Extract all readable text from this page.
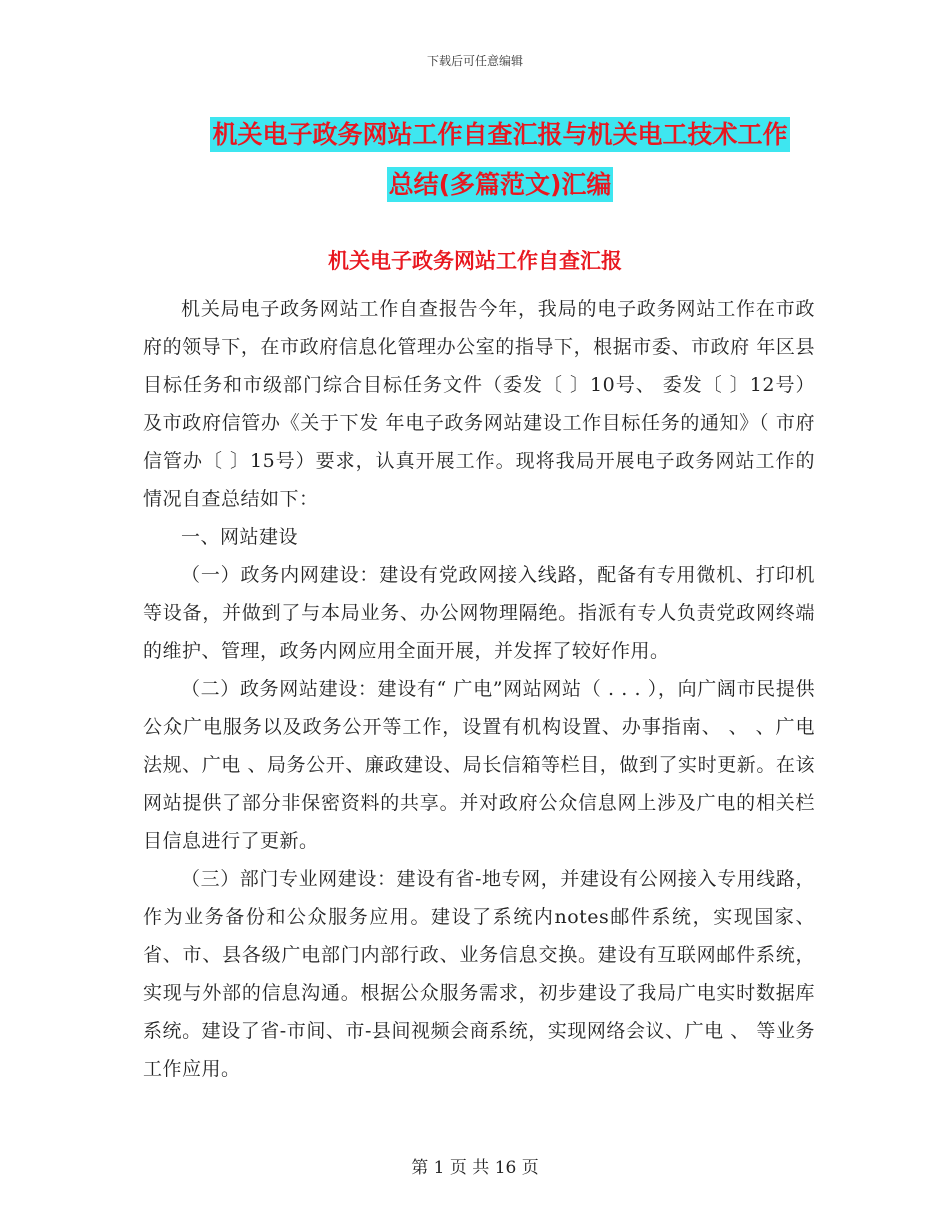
下载后可任意编辑
机关电子政务网站工作自查汇报与机关电工技术工作
总结(多篇范文)汇编
机关电子政务网站工作自查汇报

机关局电子政务网站工作自查报告今年，我局的电子政务网站工作在市政府的领导下，在市政府信息化管理办公室的指导下，根据市委、市政府 年区县目标任务和市级部门综合目标任务文件（委发〔 〕10号、 委发〔 〕12号）及市政府信管办《关于下发 年电子政务网站建设工作目标任务的通知》（ 市府信管办〔 〕15号）要求，认真开展工作。现将我局开展电子政务网站工作的情况自查总结如下：

一、网站建设

（一）政务内网建设：建设有党政网接入线路，配备有专用微机、打印机等设备，并做到了与本局业务、办公网物理隔绝。指派有专人负责党政网终端的维护、管理，政务内网应用全面开展，并发挥了较好作用。

（二）政务网站建设：建设有“ 广电”网站网站（ . . . ），向广阔市民提供公众广电服务以及政务公开等工作，设置有机构设置、办事指南、 、 、广电法规、广电 、局务公开、廉政建设、局长信箱等栏目，做到了实时更新。在该网站提供了部分非保密资料的共享。并对政府公众信息网上涉及广电的相关栏目信息进行了更新。

（三）部门专业网建设：建设有省-地专网，并建设有公网接入专用线路，作为业务备份和公众服务应用。建设了系统内notes邮件系统，实现国家、省、市、县各级广电部门内部行政、业务信息交换。建设有互联网邮件系统，实现与外部的信息沟通。根据公众服务需求，初步建设了我局广电实时数据库系统。建设了省-市间、市-县间视频会商系统，实现网络会议、广电 、 等业务工作应用。

第 1 页 共 16 页
